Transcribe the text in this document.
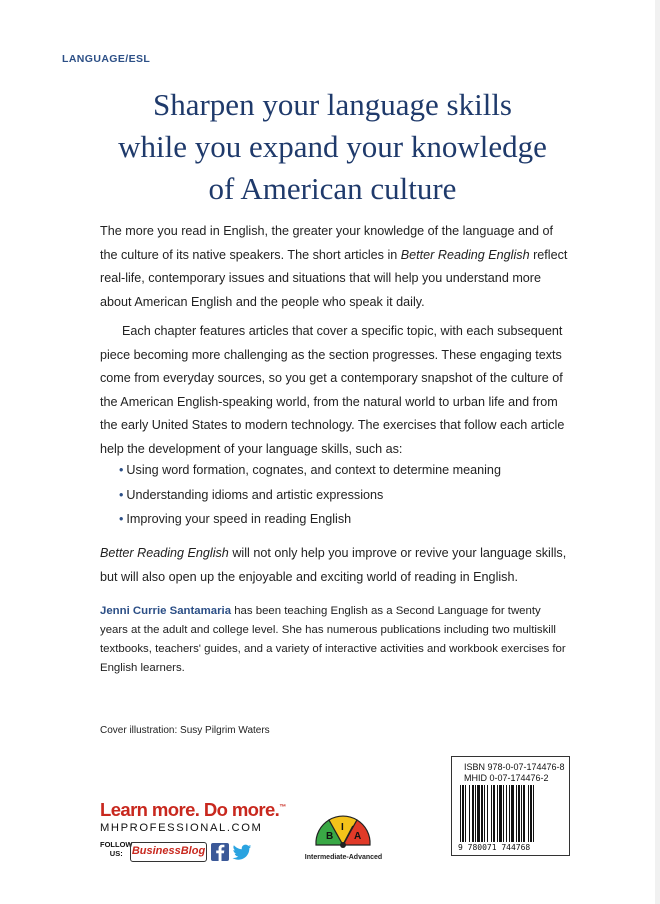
LANGUAGE/ESL
Sharpen your language skills
while you expand your knowledge
of American culture

The more you read in English, the greater your knowledge of the language and of

the culture of its native speakers. The short articles in Better Reading English reflect

real-life, contemporary issues and situations that will help you understand more

about American English and the people who speak it daily.

Each chapter features articles that cover a specific topic, with each subsequent

piece becoming more challenging as the section progresses. These engaging texts

come from everyday sources, so you get a contemporary snapshot of the culture of

the American English-speaking world, from the natural world to urban life and from

the early United States to modern technology. The exercises that follow each article

help the development of your language skills, such as:

• Using word formation, cognates, and context to determine meaning
• Understanding idioms and artistic expressions
• Improving your speed in reading English

Better Reading English will not only help you improve or revive your language skills,

but will also open up the enjoyable and exciting world of reading in English.

Jenni Currie Santamaria has been teaching English as a Second Language for twenty

years at the adult and college level. She has numerous publications including two multiskill

textbooks, teachers' guides, and a variety of interactive activities and workbook exercises for

English learners.

Cover illustration: Susy Pilgrim Waters
Learn more. Do more.™
MHPROFESSIONAL.COM
FOLLOW
US: BusinessBlog
B
I
A
Intermediate-Advanced
ISBN 978-0-07-174476-8
MHID 0-07-174476-2
9 780071 744768
